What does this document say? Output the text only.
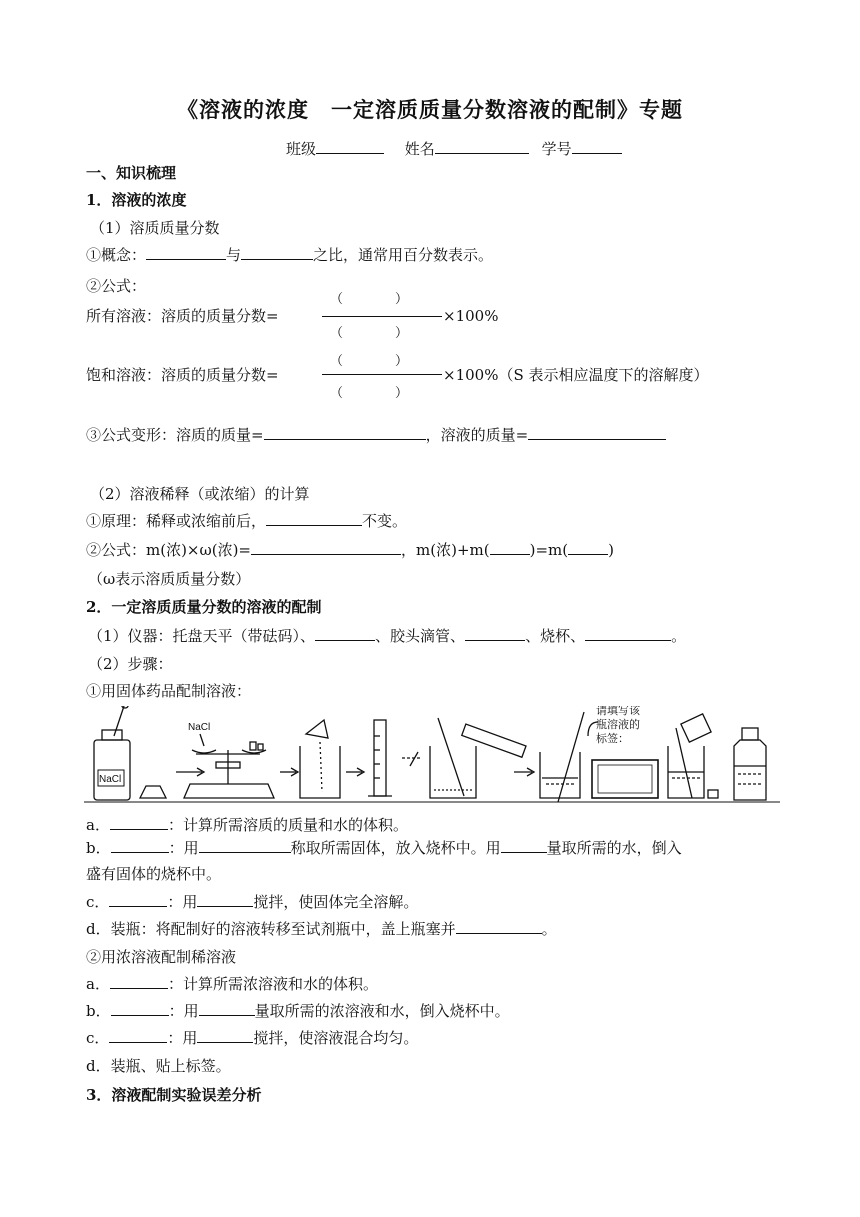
《溶液的浓度　一定溶质质量分数溶液的配制》专题
班级	姓名	学号
一、知识梳理
1．溶液的浓度
（1）溶质质量分数
①概念：	与	之比，通常用百分数表示。
②公式：
所有溶液：溶质的质量分数=
（　　　　）
（　　　　）
×100%
饱和溶液：溶质的质量分数=
（　　　　）
（　　　　）
×100%（S 表示相应温度下的溶解度）
③公式变形：溶质的质量=	，溶液的质量=
（2）溶液稀释（或浓缩）的计算
①原理：稀释或浓缩前后，	不变。
②公式：m(浓)×ω(浓)=	，m(浓)+m(	)=m(	)
（ω表示溶质质量分数）
2．一定溶质质量分数的溶液的配制
（1）仪器：托盘天平（带砝码）、	、胶头滴管、	、烧杯、	。
（2）步骤：
①用固体药品配制溶液：
NaCl
NaCl
请填写该
瓶溶液的
标签：
a．	：计算所需溶质的质量和水的体积。
b．	：用	称取所需固体，放入烧杯中。用	量取所需的水，倒入
盛有固体的烧杯中。
c．	：用	搅拌，使固体完全溶解。
d．装瓶：将配制好的溶液转移至试剂瓶中，盖上瓶塞并	。
②用浓溶液配制稀溶液
a．	：计算所需浓溶液和水的体积。
b．	：用	量取所需的浓溶液和水，倒入烧杯中。
c．	：用	搅拌，使溶液混合均匀。
d．装瓶、贴上标签。
3．溶液配制实验误差分析
